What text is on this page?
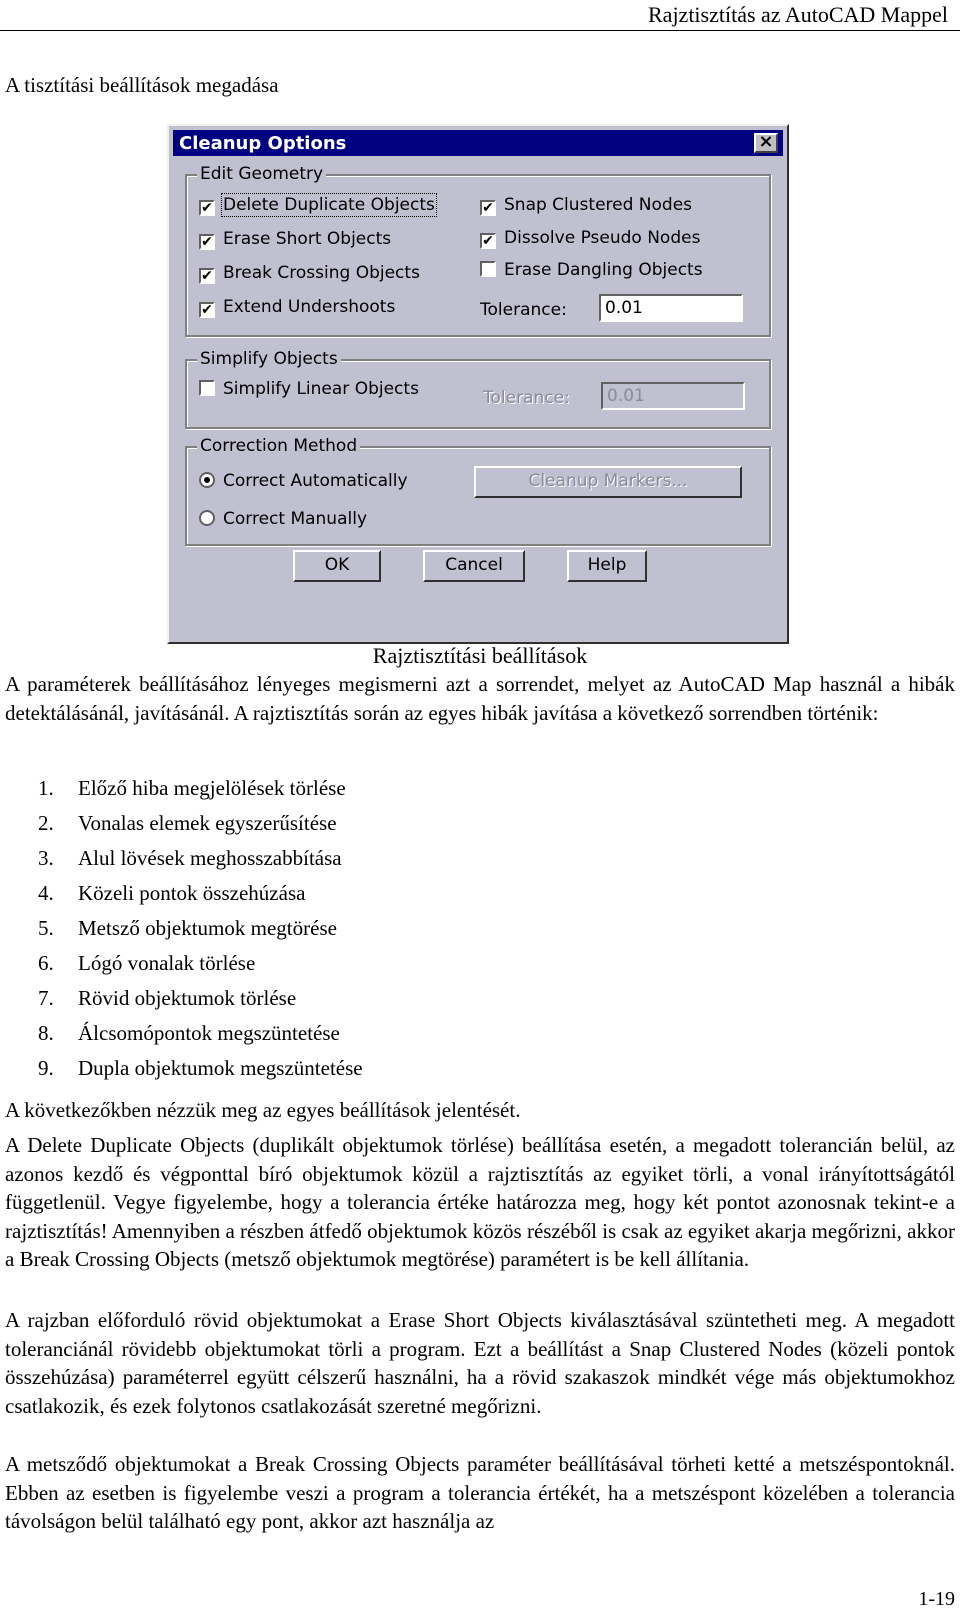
Rajztisztítás az AutoCAD Mappel
A tisztítási beállítások megadása
Cleanup Options	×
Edit Geometry
✔ Delete Duplicate Objects
✔ Erase Short Objects
✔ Break Crossing Objects
✔ Extend Undershoots
✔ Snap Clustered Nodes
✔ Dissolve Pseudo Nodes
Erase Dangling Objects
Tolerance:	0.01
Simplify Objects
Simplify Linear Objects	Tolerance:	0.01
Correction Method
Correct Automatically
Correct Manually
Cleanup Markers...
OK	Cancel	Help
Rajztisztítási beállítások

A paraméterek beállításához lényeges megismerni azt a sorrendet, melyet az AutoCAD Map használ a hibák detektálásánál, javításánál. A rajztisztítás során az egyes hibák javítása a következő sorrendben történik:

1. Előző hiba megjelölések törlése
2. Vonalas elemek egyszerűsítése
3. Alul lövések meghosszabbítása
4. Közeli pontok összehúzása
5. Metsző objektumok megtörése
6. Lógó vonalak törlése
7. Rövid objektumok törlése
8. Álcsomópontok megszüntetése
9. Dupla objektumok megszüntetése

A következőkben nézzük meg az egyes beállítások jelentését.

A Delete Duplicate Objects (duplikált objektumok törlése) beállítása esetén, a megadott tolerancián belül, az azonos kezdő és végponttal bíró objektumok közül a rajztisztítás az egyiket törli, a vonal irányítottságától függetlenül. Vegye figyelembe, hogy a tolerancia értéke határozza meg, hogy két pontot azonosnak tekint-e a rajztisztítás! Amennyiben a részben átfedő objektumok közös részéből is csak az egyiket akarja megőrizni, akkor a Break Crossing Objects (metsző objektumok megtörése) paramétert is be kell állítania.

A rajzban előforduló rövid objektumokat a Erase Short Objects kiválasztásával szüntetheti meg. A megadott toleranciánál rövidebb objektumokat törli a program. Ezt a beállítást a Snap Clustered Nodes (közeli pontok összehúzása) paraméterrel együtt célszerű használni, ha a rövid szakaszok mindkét vége más objektumokhoz csatlakozik, és ezek folytonos csatlakozását szeretné megőrizni.

A metsződő objektumokat a Break Crossing Objects paraméter beállításával törheti ketté a metszéspontoknál. Ebben az esetben is figyelembe veszi a program a tolerancia értékét, ha a metszéspont közelében a tolerancia távolságon belül található egy pont, akkor azt használja az

1-19
